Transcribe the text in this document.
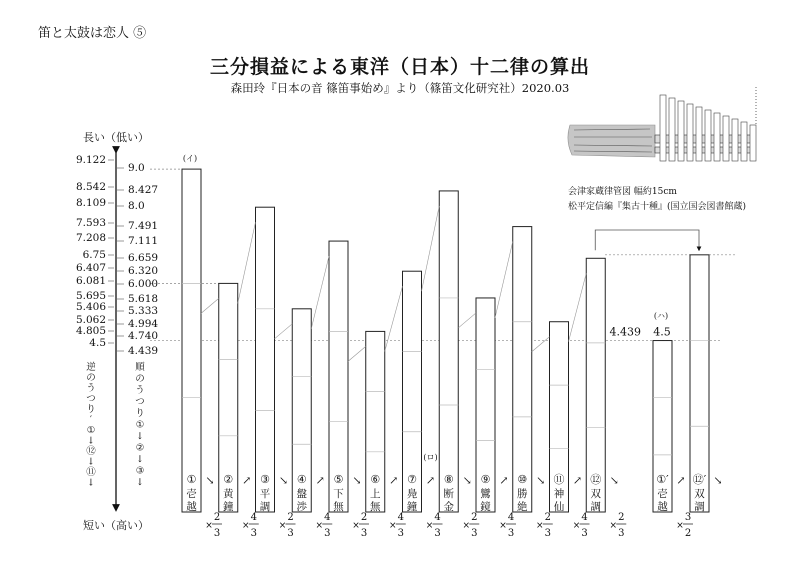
笛と太鼓は恋人 ⑤
三分損益による東洋（日本）十二律の算出
森田玲『日本の音 篠笛事始め』より（篠笛文化研究社）2020.03
会津家蔵律管図 幅約15cm
松平定信編『集古十種』(国立国会図書館蔵)
長い（低い）
短い（高い）
9.122
8.542
8.109
7.593
7.208
6.75
6.407
6.081
5.695
5.406
5.062
4.805
4.5
9.0
8.427
8.0
7.491
7.111
6.659
6.320
6.000
5.618
5.333
4.994
4.740
4.439
逆
の
う
つ
り
′
①
↓
⑫
↓
⑪
↓
順
の
う
つ
り
①
↓
②
↓
③
↓	①
壱
越
↘
×
2
3
②
黄
鐘
↗
×
4
3
③
平
調
↘
×
2
3
④
盤
渉
↗
×
4
3
⑤
下
無
↘
×
2
3
⑥
上
無
↗
×
4
3
⑦
鳧
鐘
↗
×
4
3
⑧
断
金
↘
×
2
3
⑨
鸞
鏡
↗
×
4
3
⑩
勝
絶
↘
×
2
3
⑪
神
仙
↗
×
4
3
⑫
双
調
↘
×
2
3
①′
壱
越
↗
×
3
2
⑫′
双
調
↘
(イ)
(ロ)
(ハ)
4.439 4.5
